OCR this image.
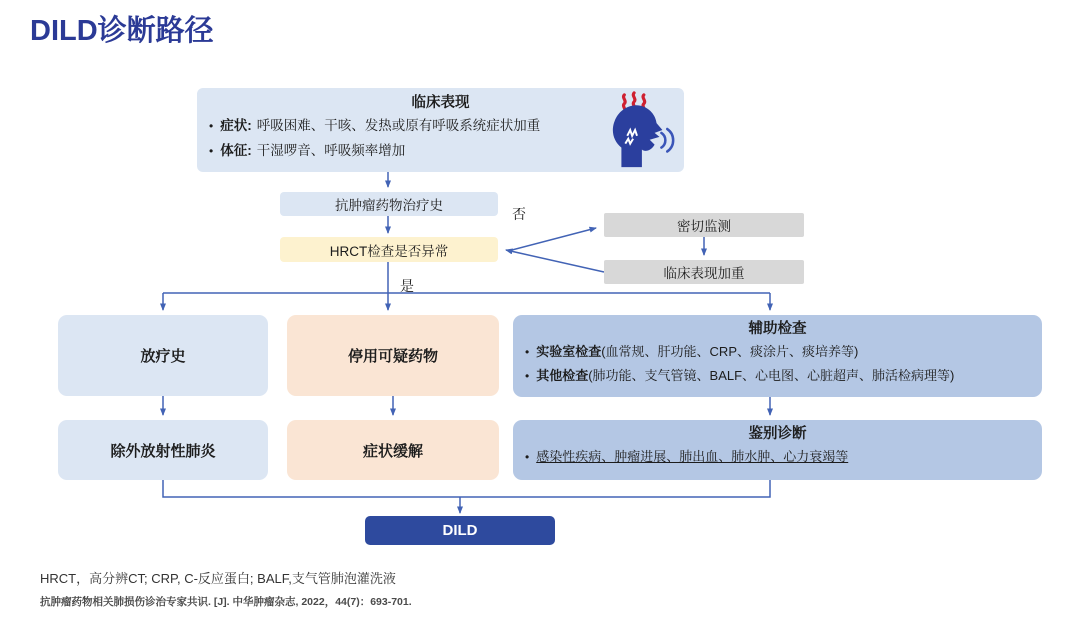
DILD诊断路径
临床表现
• 症状: 呼吸困难、干咳、发热或原有呼吸系统症状加重
• 体征: 干湿啰音、呼吸频率增加
抗肿瘤药物治疗史
HRCT检查是否异常
否
是
密切监测
临床表现加重
放疗史	停用可疑药物
辅助检查
• 实验室检查 (血常规、肝功能、CRP、痰涂片、痰培养等)
• 其他检查 (肺功能、支气管镜、BALF、心电图、心脏超声、肺活检病理等)
除外放射性肺炎	症状缓解
鉴别诊断
• 感染性疾病、肿瘤进展、肺出血、肺水肿、心力衰竭等
DILD
HRCT，高分辨CT; CRP, C-反应蛋白; BALF,支气管肺泡灌洗液
抗肿瘤药物相关肺损伤诊治专家共识. [J]. 中华肿瘤杂志, 2022，44(7)：693-701.
